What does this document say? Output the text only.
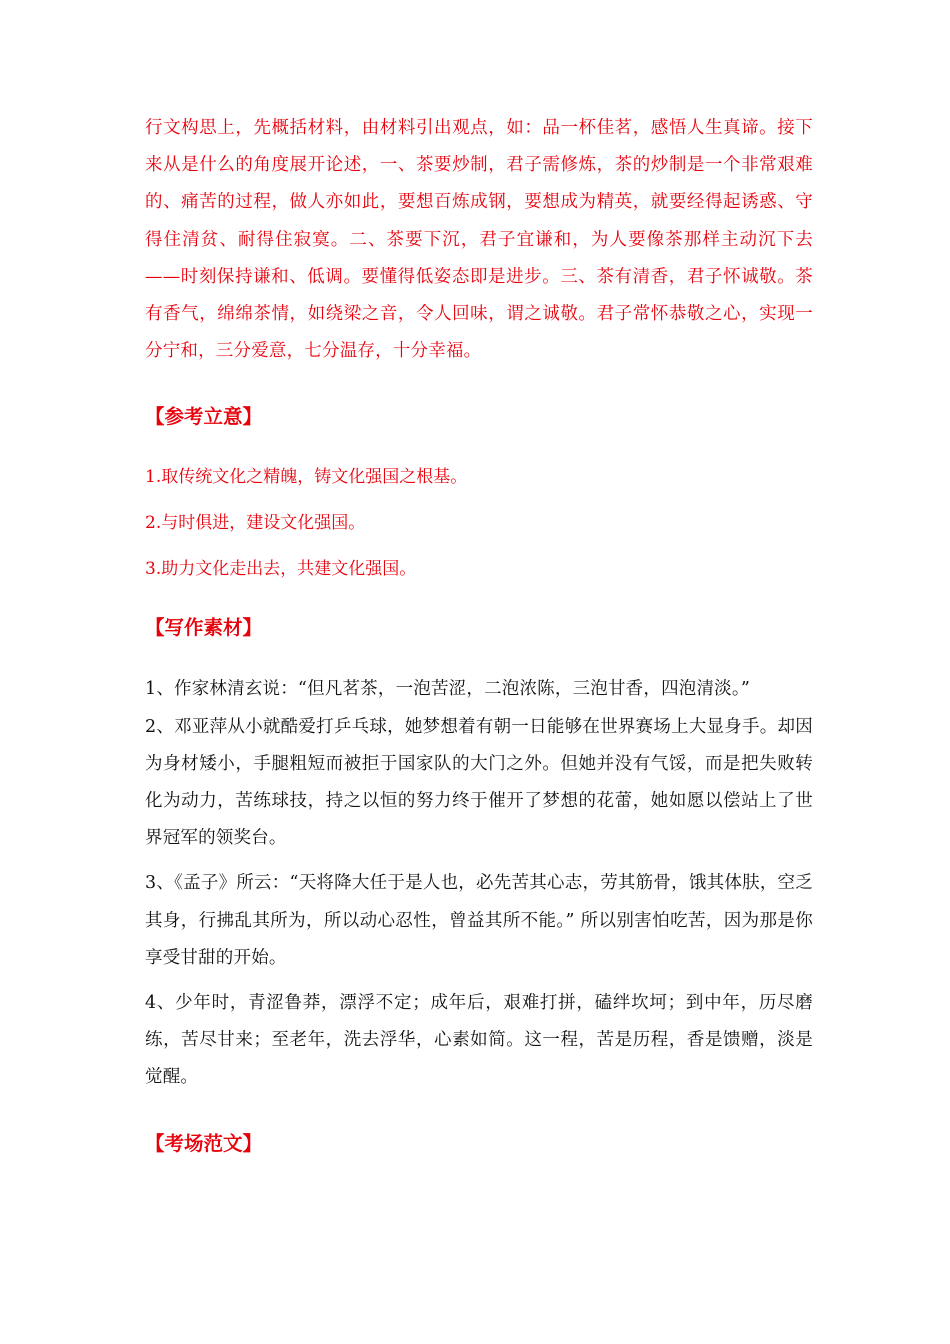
行文构思上，先概括材料，由材料引出观点，如：品一杯佳茗，感悟人生真谛。接下来从是什么的角度展开论述，一、茶要炒制，君子需修炼，茶的炒制是一个非常艰难的、痛苦的过程，做人亦如此，要想百炼成钢，要想成为精英，就要经得起诱惑、守得住清贫、耐得住寂寞。二、茶要下沉，君子宜谦和，为人要像茶那样主动沉下去——时刻保持谦和、低调。要懂得低姿态即是进步。三、茶有清香，君子怀诚敬。茶有香气，绵绵茶情，如绕梁之音，令人回味，谓之诚敬。君子常怀恭敬之心，实现一分宁和，三分爱意，七分温存，十分幸福。

【参考立意】
1.取传统文化之精魄，铸文化强国之根基。
2.与时俱进，建设文化强国。
3.助力文化走出去，共建文化强国。
【写作素材】

1、作家林清玄说：“但凡茗茶，一泡苦涩，二泡浓陈，三泡甘香，四泡清淡。”

2、邓亚萍从小就酷爱打乒乓球，她梦想着有朝一日能够在世界赛场上大显身手。却因为身材矮小，手腿粗短而被拒于国家队的大门之外。但她并没有气馁，而是把失败转化为动力，苦练球技，持之以恒的努力终于催开了梦想的花蕾，她如愿以偿站上了世界冠军的领奖台。

3、《孟子》所云：“天将降大任于是人也，必先苦其心志，劳其筋骨，饿其体肤，空乏其身，行拂乱其所为，所以动心忍性，曾益其所不能。” 所以别害怕吃苦，因为那是你享受甘甜的开始。

4、少年时，青涩鲁莽，漂浮不定；成年后，艰难打拼，磕绊坎坷；到中年，历尽磨练，苦尽甘来；至老年，洗去浮华，心素如简。这一程，苦是历程，香是馈赠，淡是觉醒。

【考场范文】
